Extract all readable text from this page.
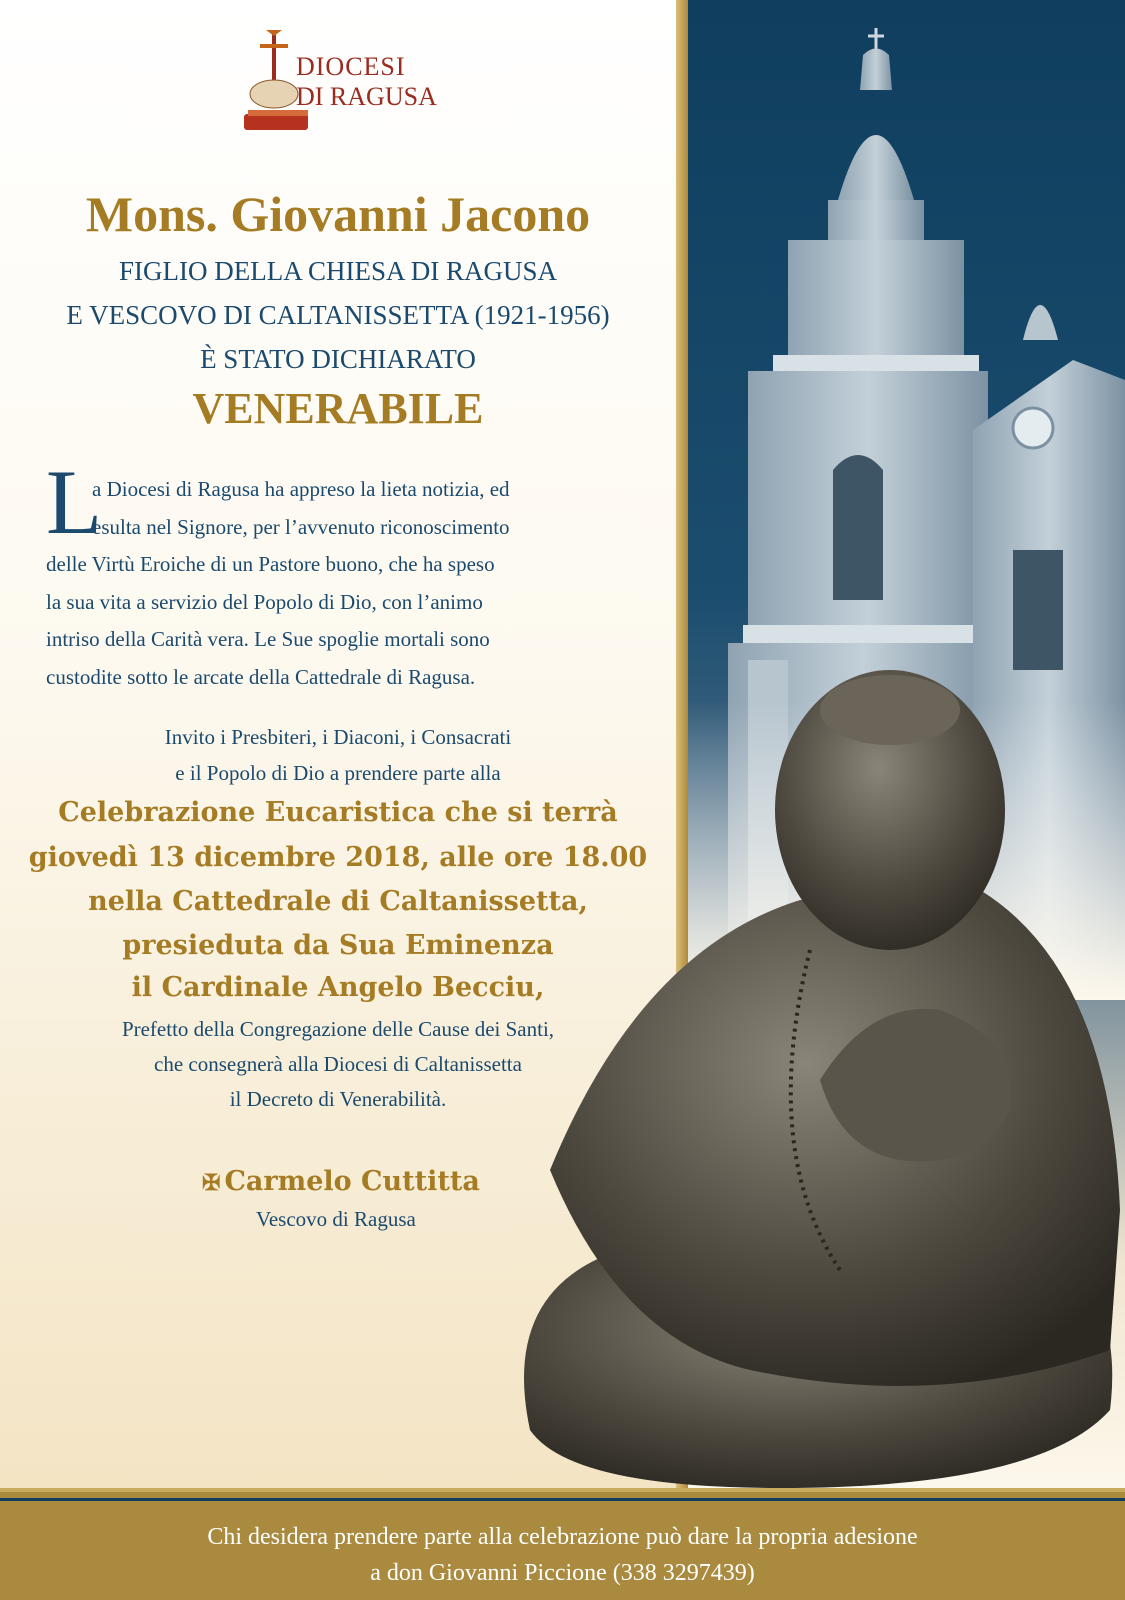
DIOCESI
DI RAGUSA
Mons. Giovanni Jacono
FIGLIO DELLA CHIESA DI RAGUSA
E VESCOVO DI CALTANISSETTA (1921-1956)
È STATO DICHIARATO
VENERABILE
L
a Diocesi di Ragusa ha appreso la lieta notizia, ed
esulta nel Signore, per l’avvenuto riconoscimento
delle Virtù Eroiche di un Pastore buono, che ha speso
la sua vita a servizio del Popolo di Dio, con l’animo
intriso della Carità vera. Le Sue spoglie mortali sono
custodite sotto le arcate della Cattedrale di Ragusa.
Invito i Presbiteri, i Diaconi, i Consacrati
e il Popolo di Dio a prendere parte alla
Celebrazione Eucaristica che si terrà
giovedì 13 dicembre 2018, alle ore 18.00
nella Cattedrale di Caltanissetta,
presieduta da Sua Eminenza
il Cardinale Angelo Becciu,
Prefetto della Congregazione delle Cause dei Santi,
che consegnerà alla Diocesi di Caltanissetta
il Decreto di Venerabilità.
✠ Carmelo Cuttitta
Vescovo di Ragusa
Chi desidera prendere parte alla celebrazione può dare la propria adesione
a don Giovanni Piccione (338 3297439)
